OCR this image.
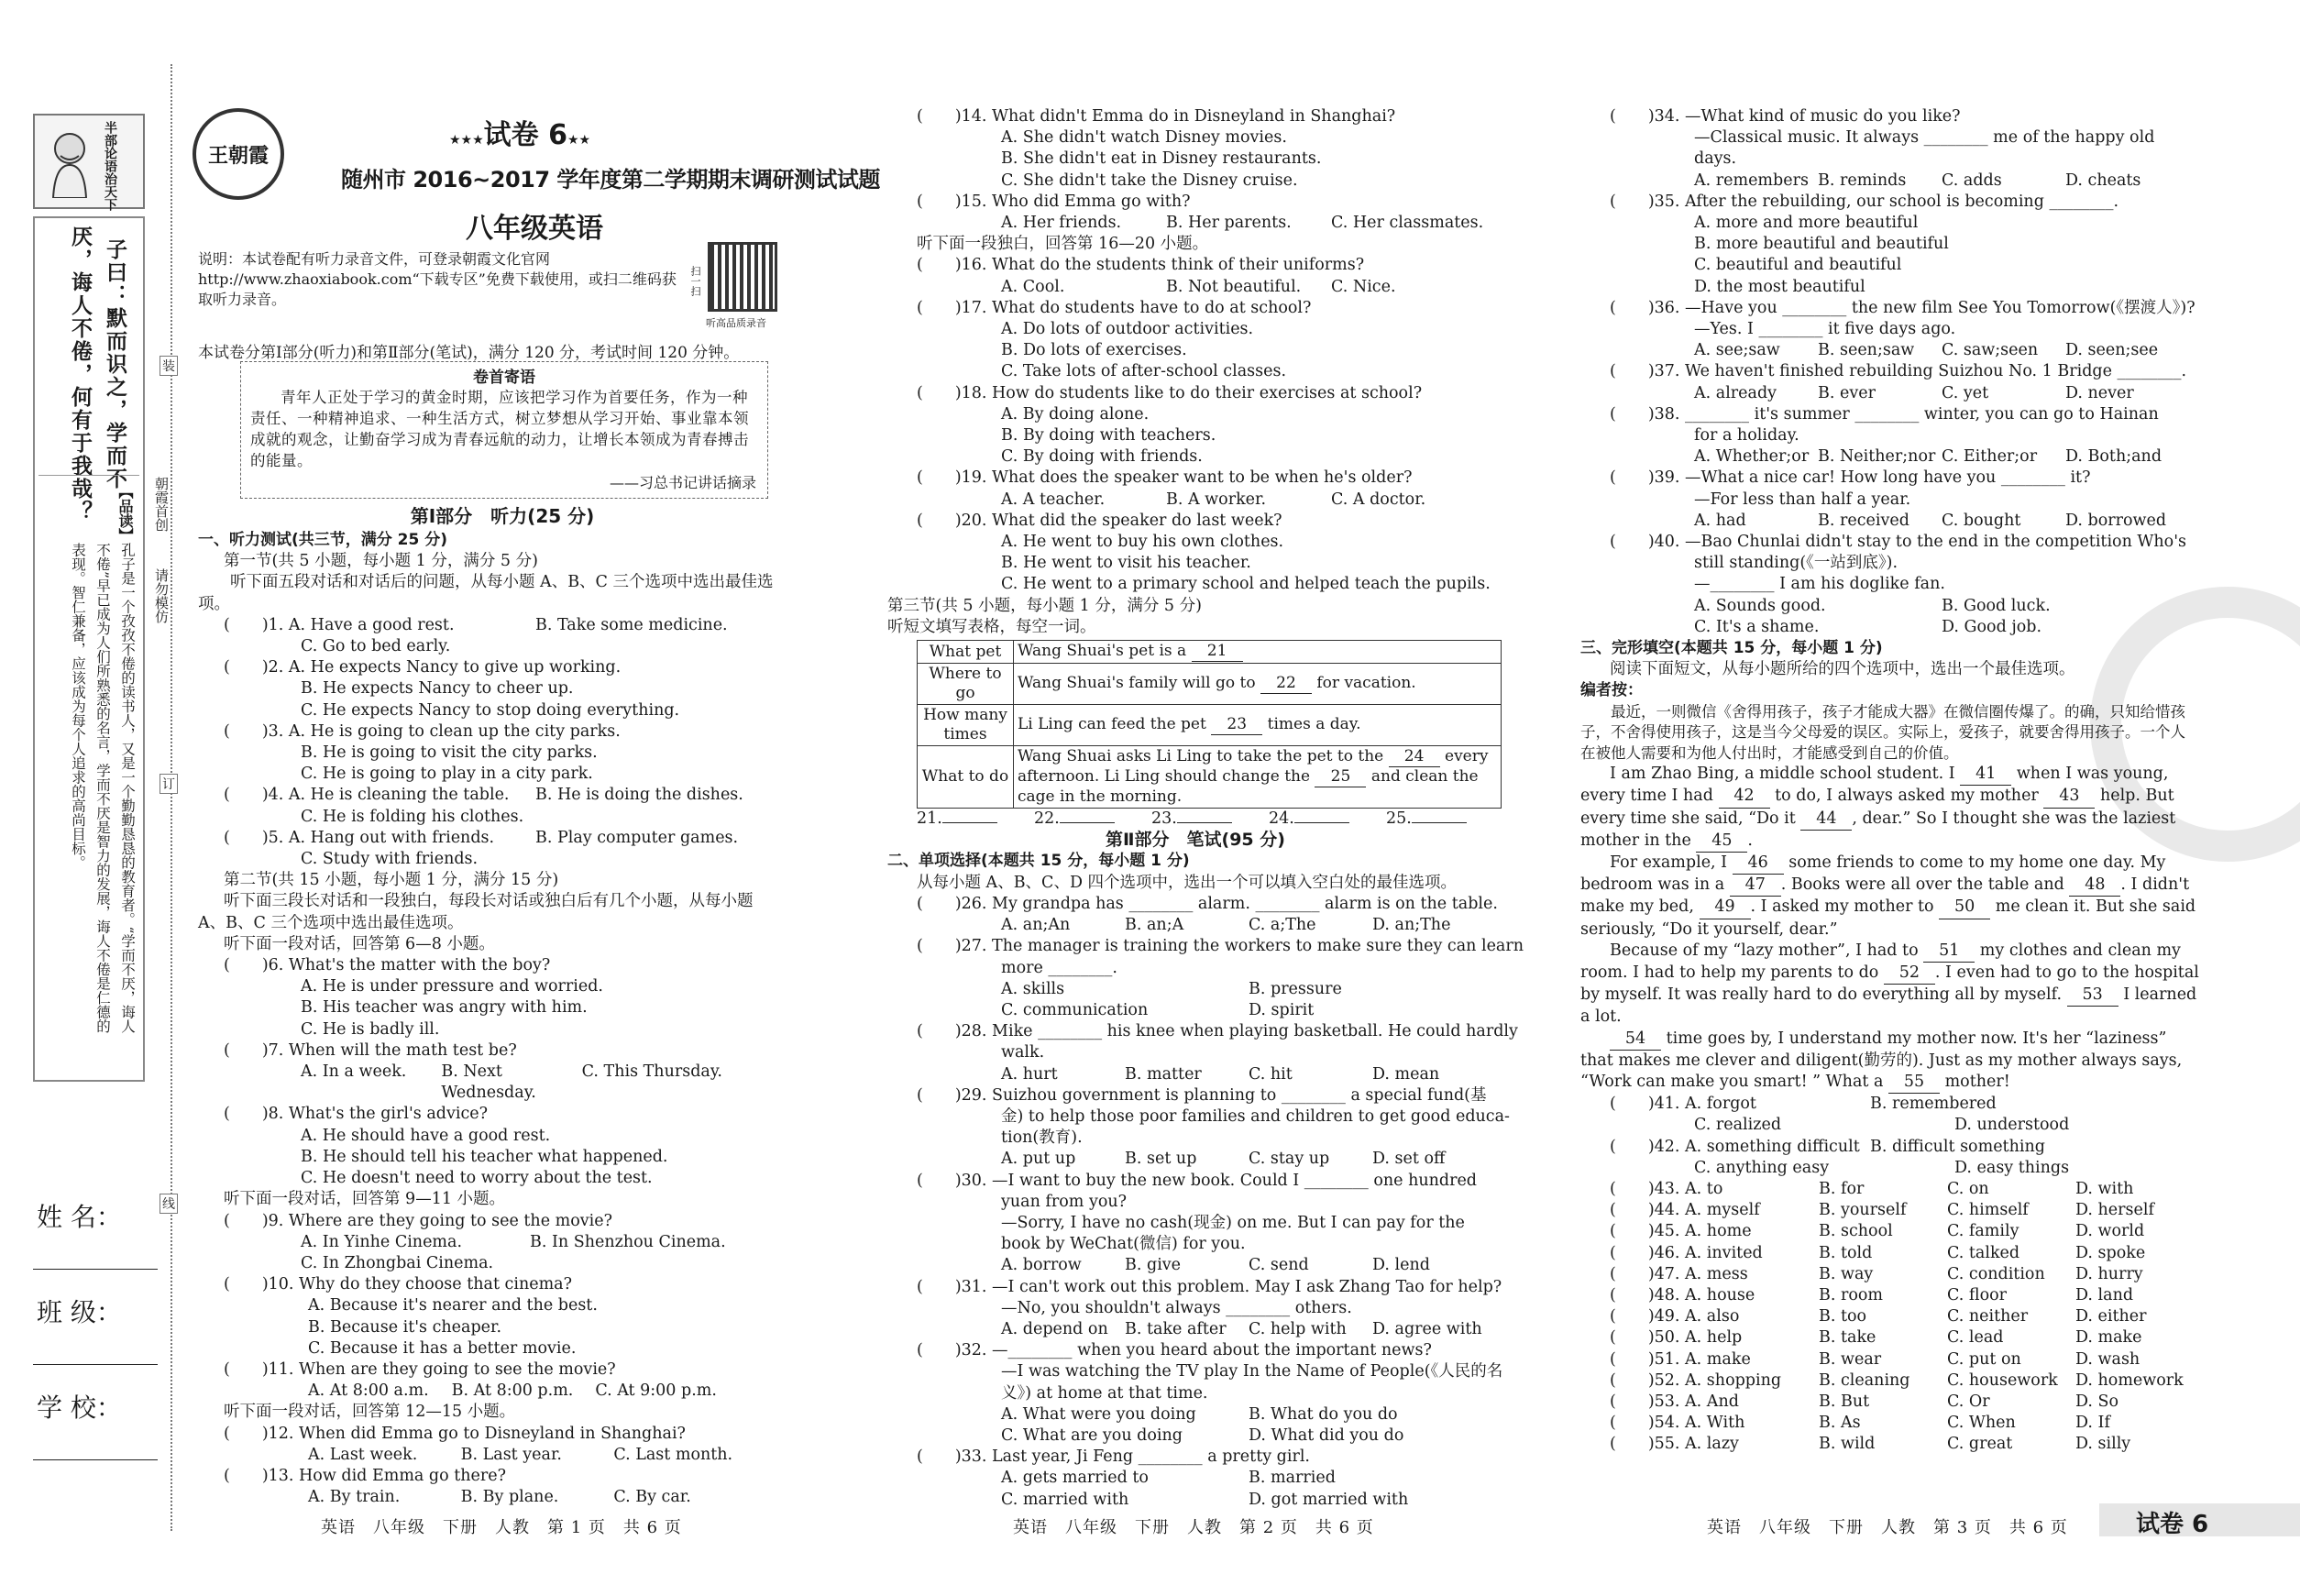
半部论语治天下
子曰：默而识之，学而不
厌，诲人不倦，何有于我哉？ 【品读】
孔子是一个孜孜不倦的读书人，又是一个勤勤恳恳的教育者。“学而不厌，诲人不倦”早已成为人们所熟悉的名言，学而不厌是智力的发展，诲人不倦是仁德的表现。智仁兼备，应该成为每个人追求的高尚目标。
姓 名：
班 级：
学 校：
朝霞首创
请勿模仿
装
订
线
王朝霞
★★★试卷 6★★
随州市 2016~2017 学年度第二学期期末调研测试试题
八年级英语
说明：本试卷配有听力录音文件，可登录朝霞文化官网 http://www.zhaoxiabook.com“下载专区”免费下载使用，或扫二维码获取听力录音。
听高品质录音
扫一扫
本试卷分第Ⅰ部分(听力)和第Ⅱ部分(笔试)，满分 120 分，考试时间 120 分钟。
卷首寄语
青年人正处于学习的黄金时期，应该把学习作为首要任务，作为一种责任、一种精神追求、一种生活方式，树立梦想从学习开始、事业靠本领成就的观念，让勤奋学习成为青春远航的动力，让增长本领成为青春搏击的能量。
——习总书记讲话摘录

第Ⅰ部分　听力(25 分)

一、听力测试(共三节，满分 25 分)

第一节(共 5 小题，每小题 1 分，满分 5 分)

听下面五段对话和对话后的问题，从每小题 A、B、C 三个选项中选出最佳选项。

(　　)1. A. Have a good rest.	B. Take some medicine.

C. Go to bed early.

(　　)2. A. He expects Nancy to give up working.

B. He expects Nancy to cheer up.

C. He expects Nancy to stop doing everything.

(　　)3. A. He is going to clean up the city parks.

B. He is going to visit the city parks.

C. He is going to play in a city park.

(　　)4. A. He is cleaning the table. B. He is doing the dishes.

C. He is folding his clothes.

(　　)5. A. Hang out with friends.	B. Play computer games.

C. Study with friends.

第二节(共 15 小题，每小题 1 分，满分 15 分)

听下面三段长对话和一段独白，每段长对话或独白后有几个小题，从每小题

A、B、C 三个选项中选出最佳选项。

听下面一段对话，回答第 6—8 小题。

(　　)6. What's the matter with the boy?

A. He is under pressure and worried.

B. His teacher was angry with him.

C. He is badly ill.

(　　)7. When will the math test be?

A. In a week.	B. Next Wednesday.
C. This Thursday.

(　　)8. What's the girl's advice?

A. He should have a good rest.

B. He should tell his teacher what happened.

C. He doesn't need to worry about the test.

听下面一段对话，回答第 9—11 小题。

(　　)9. Where are they going to see the movie?

A. In Yinhe Cinema.	B. In Shenzhou Cinema.

C. In Zhongbai Cinema.

(　　)10. Why do they choose that cinema?

A. Because it's nearer and the best.

B. Because it's cheaper.

C. Because it has a better movie.

(　　)11. When are they going to see the movie?

A. At 8:00 a.m.	B. At 8:00 p.m.	C. At 9:00 p.m.

听下面一段对话，回答第 12—15 小题。

(　　)12. When did Emma go to Disneyland in Shanghai?

A. Last week.	B. Last year.	C. Last month.

(　　)13. How did Emma go there?

A. By train.	B. By plane.	C. By car.
英语　八年级　下册　人教　第 1 页　共 6 页

(　　)14. What didn't Emma do in Disneyland in Shanghai?

A. She didn't watch Disney movies.

B. She didn't eat in Disney restaurants.

C. She didn't take the Disney cruise.

(　　)15. Who did Emma go with?

A. Her friends.	B. Her parents.	C. Her classmates.

听下面一段独白，回答第 16—20 小题。

(　　)16. What do the students think of their uniforms?

A. Cool.	B. Not beautiful.	C. Nice.

(　　)17. What do students have to do at school?

A. Do lots of outdoor activities.

B. Do lots of exercises.

C. Take lots of after-school classes.

(　　)18. How do students like to do their exercises at school?

A. By doing alone.

B. By doing with teachers.

C. By doing with friends.

(　　)19. What does the speaker want to be when he's older?

A. A teacher.	B. A worker.	C. A doctor.

(　　)20. What did the speaker do last week?

A. He went to buy his own clothes.

B. He went to visit his teacher.

C. He went to a primary school and helped teach the pupils.

第三节(共 5 小题，每小题 1 分，满分 5 分)

听短文填写表格，每空一词。

What pet	Wang Shuai's pet is a 21
Where to go	Wang Shuai's family will go to 22 for vacation.
How many times	Li Ling can feed the pet 23 times a day.
What to do	Wang Shuai asks Li Ling to take the pet to the 24 every afternoon. Li Ling should change the 25 and clean the cage in the morning.
21.	22.	23.	24.	25.

第Ⅱ部分　笔试(95 分)

二、单项选择(本题共 15 分，每小题 1 分)

从每小题 A、B、C、D 四个选项中，选出一个可以填入空白处的最佳选项。

(　　)26. My grandpa has ________ alarm. ________ alarm is on the table.

A. an;An	B. an;A	C. a;The	D. an;The

(　　)27. The manager is training the workers to make sure they can learn

more ________.

A. skills	B. pressure
C. communication	D. spirit

(　　)28. Mike ________ his knee when playing basketball. He could hardly

walk.

A. hurt	B. matter	C. hit	D. mean

(　　)29. Suizhou government is planning to ________ a special fund(基

金) to help those poor families and children to get good educa-

tion(教育).

A. put up	B. set up	C. stay up	D. set off

(　　)30. —I want to buy the new book. Could I ________ one hundred

yuan from you?

—Sorry, I have no cash(现金) on me. But I can pay for the

book by WeChat(微信) for you.

A. borrow	B. give	C. send	D. lend

(　　)31. —I can't work out this problem. May I ask Zhang Tao for help?

—No, you shouldn't always ________ others.

A. depend on	B. take after	C. help with	D. agree with

(　　)32. —________ when you heard about the important news?

—I was watching the TV play In the Name of People(《人民的名

义》) at home at that time.

A. What were you doing	B. What do you do
C. What are you doing	D. What did you do

(　　)33. Last year, Ji Feng ________ a pretty girl.

A. gets married to	B. married
C. married with	D. got married with
英语　八年级　下册　人教　第 2 页　共 6 页

(　　)34. —What kind of music do you like?

—Classical music. It always ________ me of the happy old

days.

A. remembers B. reminds	C. adds	D. cheats

(　　)35. After the rebuilding, our school is becoming ________.

A. more and more beautiful

B. more beautiful and beautiful

C. beautiful and beautiful

D. the most beautiful

(　　)36. —Have you ________ the new film See You Tomorrow(《摆渡人》)?

—Yes. I ________ it five days ago.

A. see;saw	B. seen;saw	C. saw;seen	D. seen;see

(　　)37. We haven't finished rebuilding Suizhou No. 1 Bridge ________.

A. already	B. ever	C. yet	D. never

(　　)38. ________ it's summer ________ winter, you can go to Hainan

for a holiday.

A. Whether;or B. Neither;nor C. Either;or	D. Both;and

(　　)39. —What a nice car! How long have you ________ it?

—For less than half a year.

A. had	B. received	C. bought	D. borrowed

(　　)40. —Bao Chunlai didn't stay to the end in the competition Who's

still standing(《一站到底》).

—________ I am his doglike fan.

A. Sounds good.	B. Good luck.
C. It's a shame.	D. Good job.

三、完形填空(本题共 15 分，每小题 1 分)

阅读下面短文，从每小题所给的四个选项中，选出一个最佳选项。

编者按：

最近，一则微信《舍得用孩子，孩子才能成大器》在微信圈传爆了。的确，只知给惜孩子，不舍得使用孩子，这是当今父母爱的误区。实际上，爱孩子，就要舍得用孩子。一个人在被他人需要和为他人付出时，才能感受到自己的价值。

I am Zhao Bing, a middle school student. I 41 when I was young,
every time I had 42 to do, I always asked my mother 43 help. But
every time she said, “Do it 44 , dear.” So I thought she was the laziest
mother in the 45 .
For example, I 46 some friends to come to my home one day. My
bedroom was in a 47 . Books were all over the table and 48 . I didn't
make my bed, 49 . I asked my mother to 50 me clean it. But she said
seriously, “Do it yourself, dear.”
Because of my “lazy mother”, I had to 51 my clothes and clean my
room. I had to help my parents to do 52 . I even had to go to the hospital
by myself. It was really hard to do everything all by myself. 53 I learned
a lot.
54 time goes by, I understand my mother now. It's her “laziness”
that makes me clever and diligent(勤劳的). Just as my mother always says,
“Work can make you smart! ” What a 55 mother!
(　　)41. A. forgot	B. remembered
C. realized	D. understood
(　　)42. A. something difficult B. difficult something
C. anything easy	D. easy things
(　　)43. A. to	B. for	C. on	D. with
(　　)44. A. myself	B. yourself	C. himself	D. herself
(　　)45. A. home	B. school	C. family	D. world
(　　)46. A. invited	B. told	C. talked	D. spoke
(　　)47. A. mess	B. way	C. condition	D. hurry
(　　)48. A. house	B. room	C. floor	D. land
(　　)49. A. also	B. too	C. neither	D. either
(　　)50. A. help	B. take	C. lead	D. make
(　　)51. A. make	B. wear	C. put on	D. wash
(　　)52. A. shopping	B. cleaning	C. housework	D. homework
(　　)53. A. And	B. But	C. Or	D. So
(　　)54. A. With	B. As	C. When	D. If
(　　)55. A. lazy	B. wild	C. great	D. silly
英语　八年级　下册　人教　第 3 页　共 6 页	试卷 6
